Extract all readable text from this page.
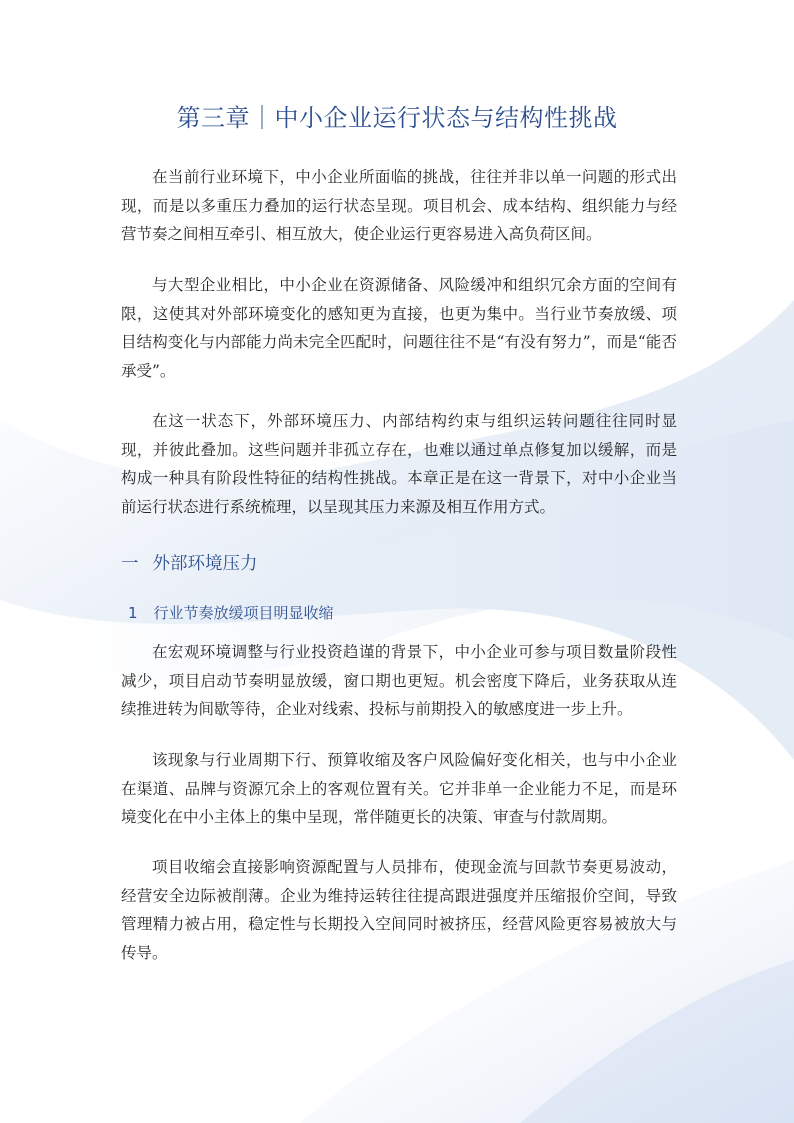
第三章｜中小企业运行状态与结构性挑战

在当前行业环境下，中小企业所面临的挑战，往往并非以单一问题的形式出现，而是以多重压力叠加的运行状态呈现。项目机会、成本结构、组织能力与经营节奏之间相互牵引、相互放大，使企业运行更容易进入高负荷区间。

与大型企业相比，中小企业在资源储备、风险缓冲和组织冗余方面的空间有限，这使其对外部环境变化的感知更为直接，也更为集中。当行业节奏放缓、项目结构变化与内部能力尚未完全匹配时，问题往往不是“有没有努力”，而是“能否承受”。

在这一状态下，外部环境压力、内部结构约束与组织运转问题往往同时显现，并彼此叠加。这些问题并非孤立存在，也难以通过单点修复加以缓解，而是构成一种具有阶段性特征的结构性挑战。本章正是在这一背景下，对中小企业当前运行状态进行系统梳理，以呈现其压力来源及相互作用方式。

一 外部环境压力
1 行业节奏放缓项目明显收缩

在宏观环境调整与行业投资趋谨的背景下，中小企业可参与项目数量阶段性减少，项目启动节奏明显放缓，窗口期也更短。机会密度下降后，业务获取从连续推进转为间歇等待，企业对线索、投标与前期投入的敏感度进一步上升。

该现象与行业周期下行、预算收缩及客户风险偏好变化相关，也与中小企业在渠道、品牌与资源冗余上的客观位置有关。它并非单一企业能力不足，而是环境变化在中小主体上的集中呈现，常伴随更长的决策、审查与付款周期。

项目收缩会直接影响资源配置与人员排布，使现金流与回款节奏更易波动，经营安全边际被削薄。企业为维持运转往往提高跟进强度并压缩报价空间，导致管理精力被占用，稳定性与长期投入空间同时被挤压，经营风险更容易被放大与传导。
